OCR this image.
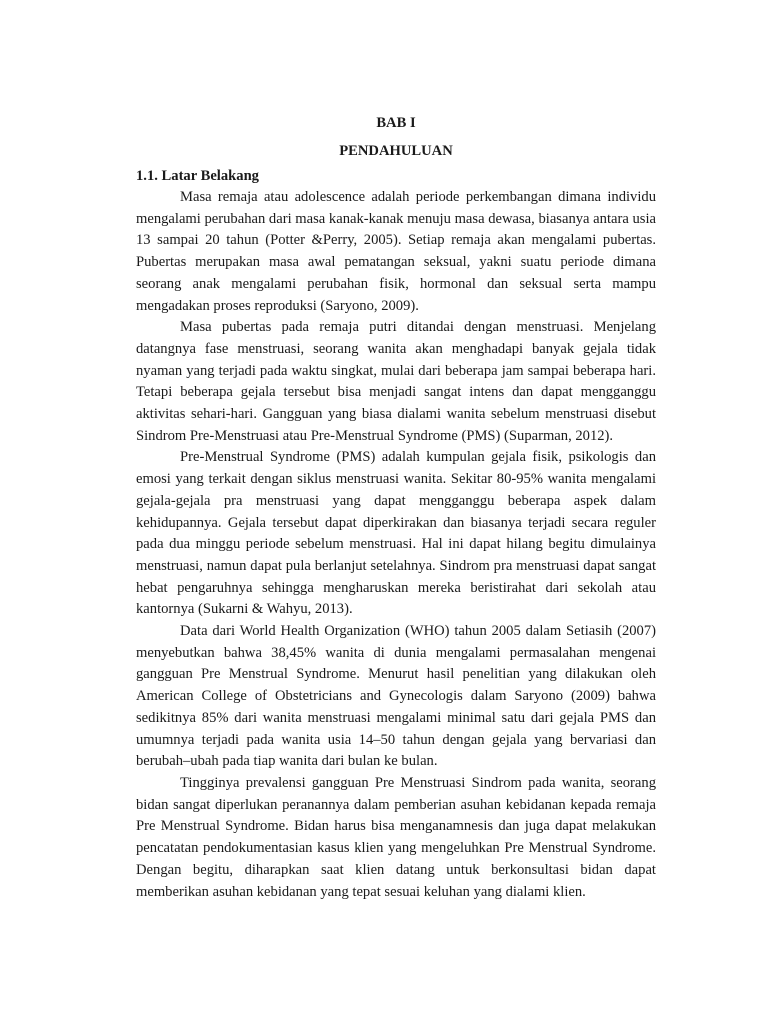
BAB I

PENDAHULUAN

1.1. Latar Belakang

Masa remaja atau adolescence adalah periode perkembangan dimana individu mengalami perubahan dari masa kanak-kanak menuju masa dewasa, biasanya antara usia 13 sampai 20 tahun (Potter &Perry, 2005). Setiap remaja akan mengalami pubertas. Pubertas merupakan masa awal pematangan seksual, yakni suatu periode dimana seorang anak mengalami perubahan fisik, hormonal dan seksual serta mampu mengadakan proses reproduksi (Saryono, 2009).

Masa pubertas pada remaja putri ditandai dengan menstruasi. Menjelang datangnya fase menstruasi, seorang wanita akan menghadapi banyak gejala tidak nyaman yang terjadi pada waktu singkat, mulai dari beberapa jam sampai beberapa hari. Tetapi beberapa gejala tersebut bisa menjadi sangat intens dan dapat mengganggu aktivitas sehari-hari. Gangguan yang biasa dialami wanita sebelum menstruasi disebut Sindrom Pre-Menstruasi atau Pre-Menstrual Syndrome (PMS) (Suparman, 2012).

Pre-Menstrual Syndrome (PMS) adalah kumpulan gejala fisik, psikologis dan emosi yang terkait dengan siklus menstruasi wanita. Sekitar 80-95% wanita mengalami gejala-gejala pra menstruasi yang dapat mengganggu beberapa aspek dalam kehidupannya. Gejala tersebut dapat diperkirakan dan biasanya terjadi secara reguler pada dua minggu periode sebelum menstruasi. Hal ini dapat hilang begitu dimulainya menstruasi, namun dapat pula berlanjut setelahnya. Sindrom pra menstruasi dapat sangat hebat pengaruhnya sehingga mengharuskan mereka beristirahat dari sekolah atau kantornya (Sukarni & Wahyu, 2013).

Data dari World Health Organization (WHO) tahun 2005 dalam Setiasih (2007) menyebutkan bahwa 38,45% wanita di dunia mengalami permasalahan mengenai gangguan Pre Menstrual Syndrome. Menurut hasil penelitian yang dilakukan oleh American College of Obstetricians and Gynecologis dalam Saryono (2009) bahwa sedikitnya 85% dari wanita menstruasi mengalami minimal satu dari gejala PMS dan umumnya terjadi pada wanita usia 14–50 tahun dengan gejala yang bervariasi dan berubah–ubah pada tiap wanita dari bulan ke bulan.

Tingginya prevalensi gangguan Pre Menstruasi Sindrom pada wanita, seorang bidan sangat diperlukan peranannya dalam pemberian asuhan kebidanan kepada remaja Pre Menstrual Syndrome. Bidan harus bisa menganamnesis dan juga dapat melakukan pencatatan pendokumentasian kasus klien yang mengeluhkan Pre Menstrual Syndrome. Dengan begitu, diharapkan saat klien datang untuk berkonsultasi bidan dapat memberikan asuhan kebidanan yang tepat sesuai keluhan yang dialami klien.
